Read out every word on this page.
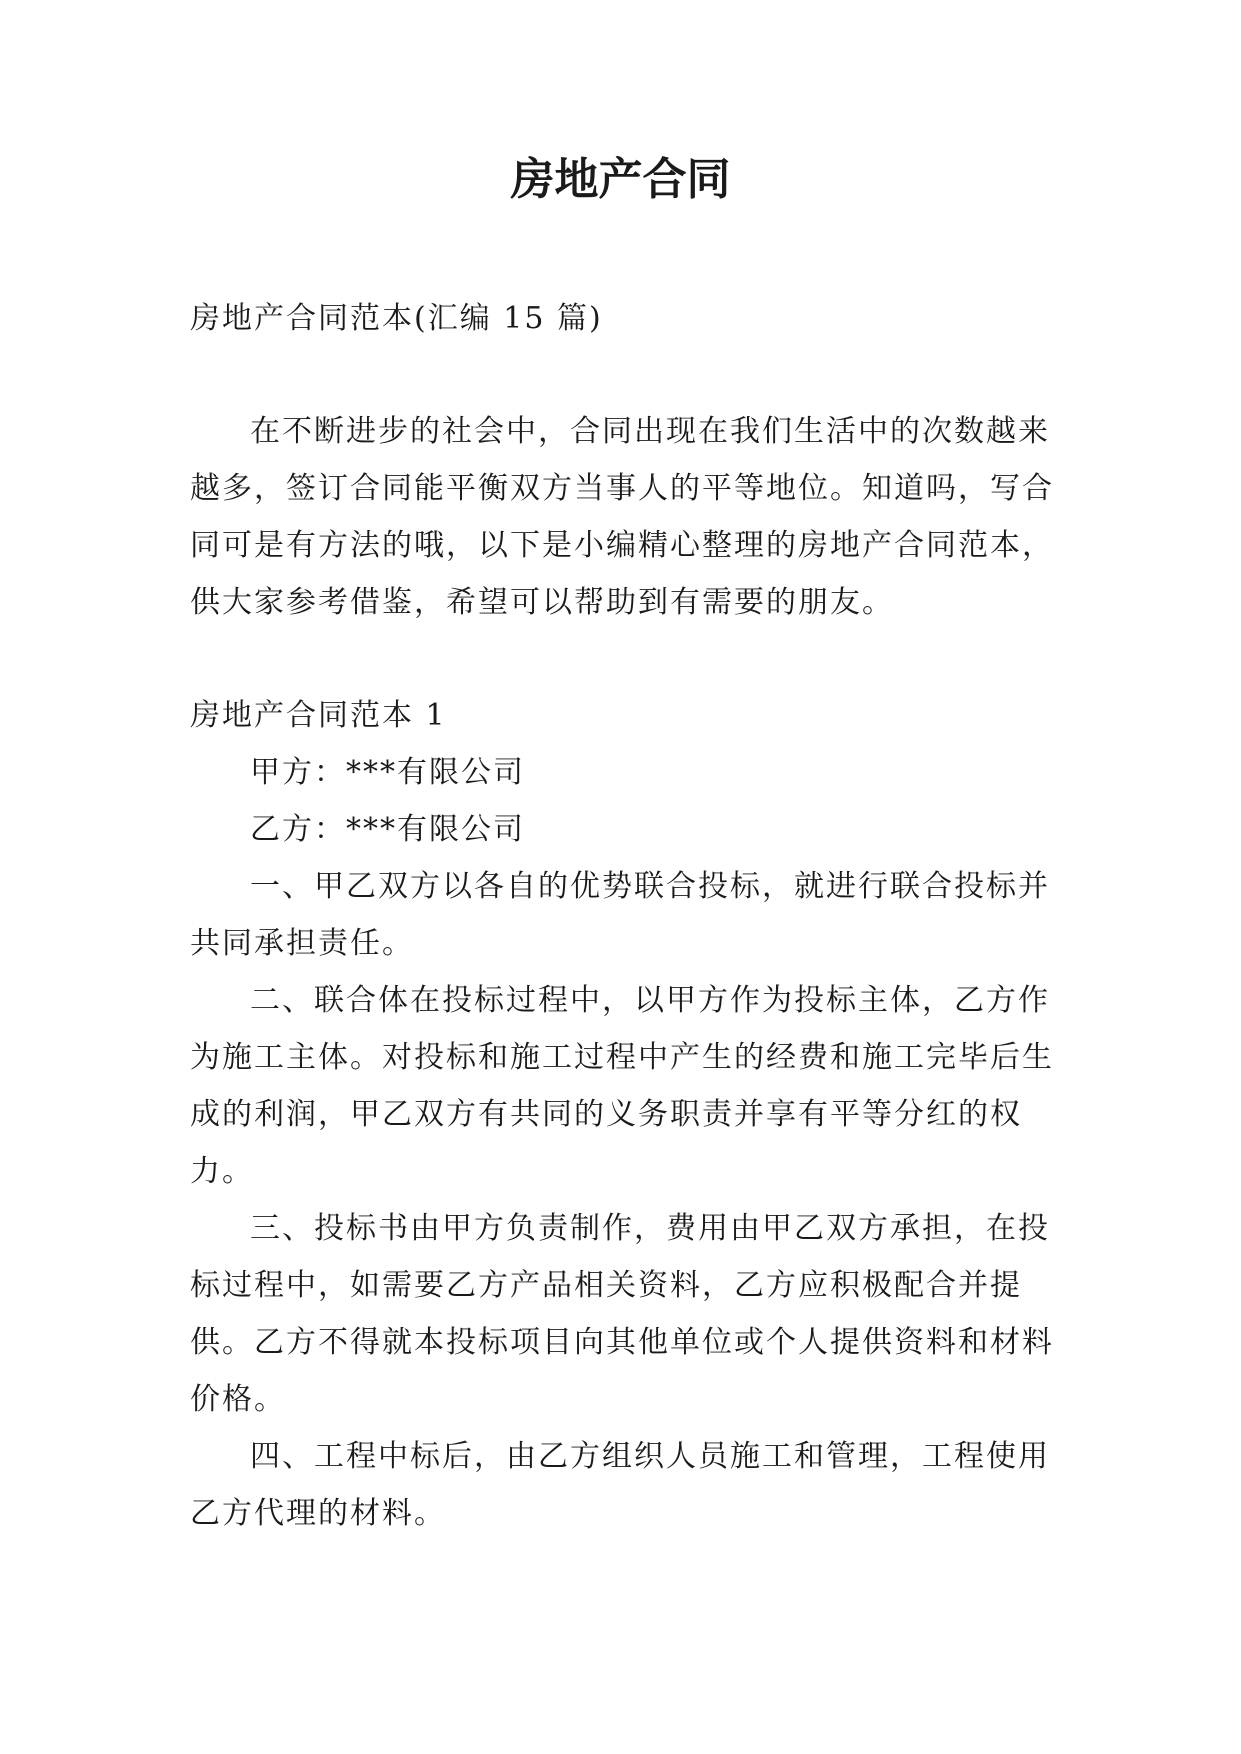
房地产合同

房地产合同范本(汇编 15 篇)

在不断进步的社会中，合同出现在我们生活中的次数越来越多，签订合同能平衡双方当事人的平等地位。知道吗，写合同可是有方法的哦，以下是小编精心整理的房地产合同范本，供大家参考借鉴，希望可以帮助到有需要的朋友。

房地产合同范本 1

甲方：***有限公司

乙方：***有限公司

一、甲乙双方以各自的优势联合投标，就进行联合投标并共同承担责任。

二、联合体在投标过程中，以甲方作为投标主体，乙方作为施工主体。对投标和施工过程中产生的经费和施工完毕后生成的利润，甲乙双方有共同的义务职责并享有平等分红的权力。

三、投标书由甲方负责制作，费用由甲乙双方承担，在投标过程中，如需要乙方产品相关资料，乙方应积极配合并提供。乙方不得就本投标项目向其他单位或个人提供资料和材料价格。

四、工程中标后，由乙方组织人员施工和管理，工程使用乙方代理的材料。
